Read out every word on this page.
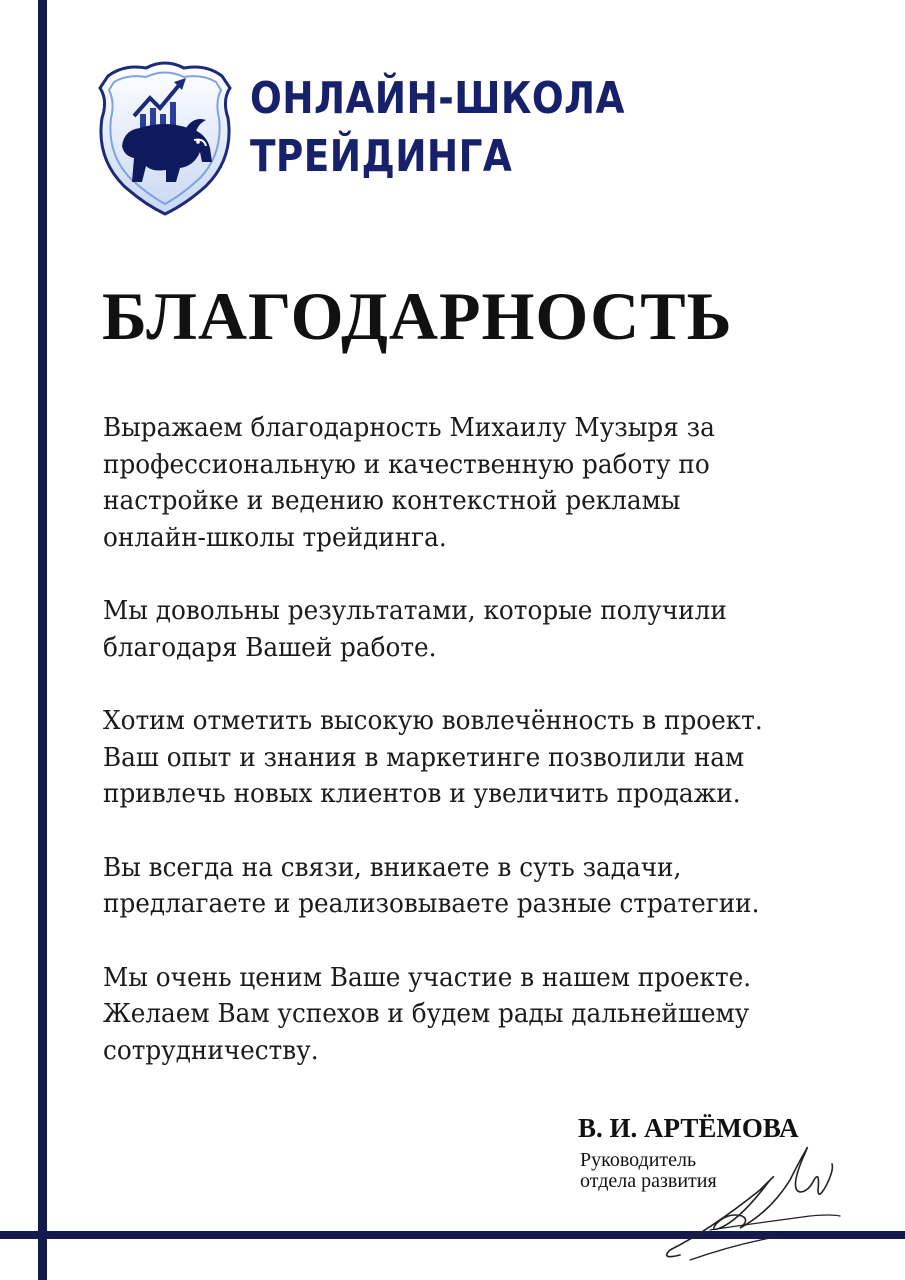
ОНЛАЙН-ШКОЛА
ТРЕЙДИНГА
БЛАГОДАРНОСТЬ

Выражаем благодарность Михаилу Музыря за
профессиональную и качественную работу по
настройке и ведению контекстной рекламы
онлайн-школы трейдинга.

Мы довольны результатами, которые получили
благодаря Вашей работе.

Хотим отметить высокую вовлечённость в проект.
Ваш опыт и знания в маркетинге позволили нам
привлечь новых клиентов и увеличить продажи.

Вы всегда на связи, вникаете в суть задачи,
предлагаете и реализовываете разные стратегии.

Мы очень ценим Ваше участие в нашем проекте.
Желаем Вам успехов и будем рады дальнейшему
сотрудничеству.

В. И. АРТЁМОВА
Руководитель
отдела развития
